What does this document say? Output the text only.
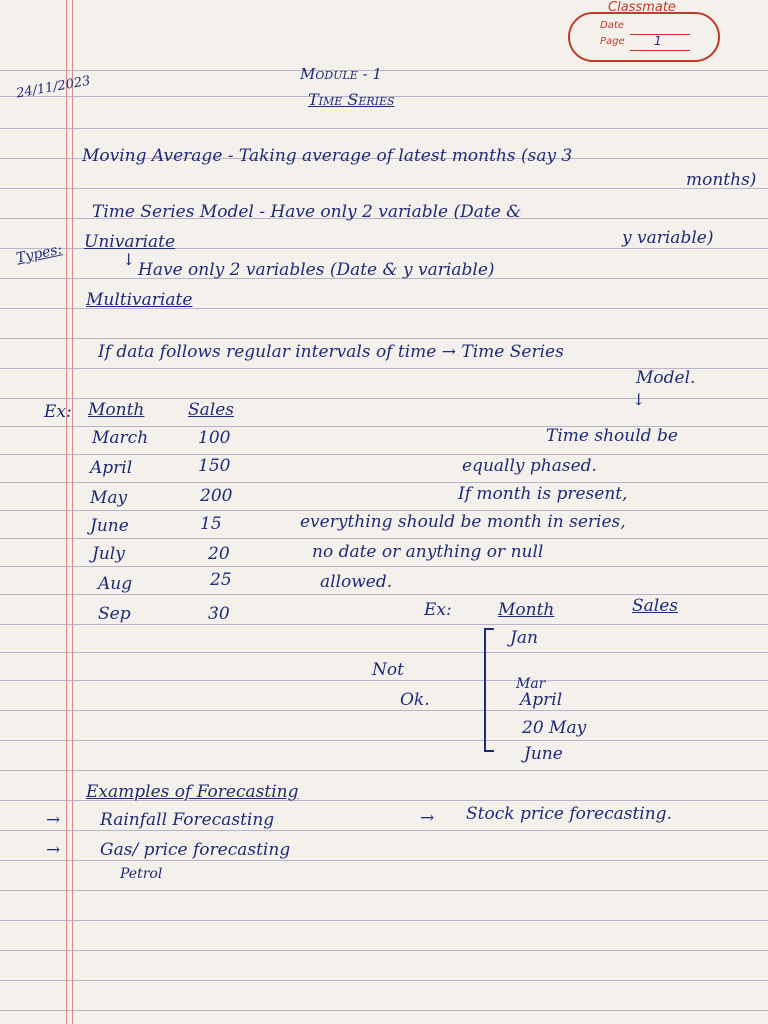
Classmate
Date
Page 1
24/11/2023	Module - 1
Time Series
Moving Average - Taking average of latest months (say 3
months)
Time Series Model - Have only 2 variable (Date &
y variable)
Types: Univariate
↓
Have only 2 variables (Date & y variable)
Multivariate
If data follows regular intervals of time → Time Series
Model.
↓
Ex: Month	Sales
March	100
April	150
May	200
June	15
July	20
Aug	25
Sep	30
Time should be
equally phased.
If month is present,
everything should be month in series,
no date or anything or null
allowed.
Ex:	Month	Sales
Jan
Mar
April
20 May
June
Not
Ok.
Examples of Forecasting
→ Rainfall Forecasting	→ Stock price forecasting.
→ Gas/ price forecasting
Petrol
